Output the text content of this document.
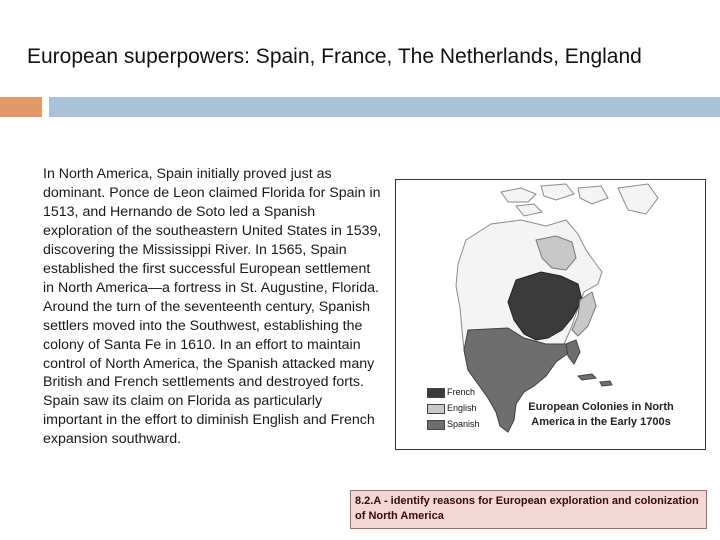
European superpowers: Spain, France, The Netherlands, England
In North America, Spain initially proved just as dominant. Ponce de Leon claimed Florida for Spain in 1513, and Hernando de Soto led a Spanish exploration of the southeastern United States in 1539, discovering the Mississippi River. In 1565, Spain established the first successful European settlement in North America—a fortress in St. Augustine, Florida. Around the turn of the seventeenth century, Spanish settlers moved into the Southwest, establishing the colony of Santa Fe in 1610. In an effort to maintain control of North America, the Spanish attacked many British and French settlements and destroyed forts. Spain saw its claim on Florida as particularly important in the effort to diminish English and French expansion southward.
French
English
Spanish
European Colonies in North America in the Early 1700s
8.2.A - identify reasons for European exploration and colonization of North America
